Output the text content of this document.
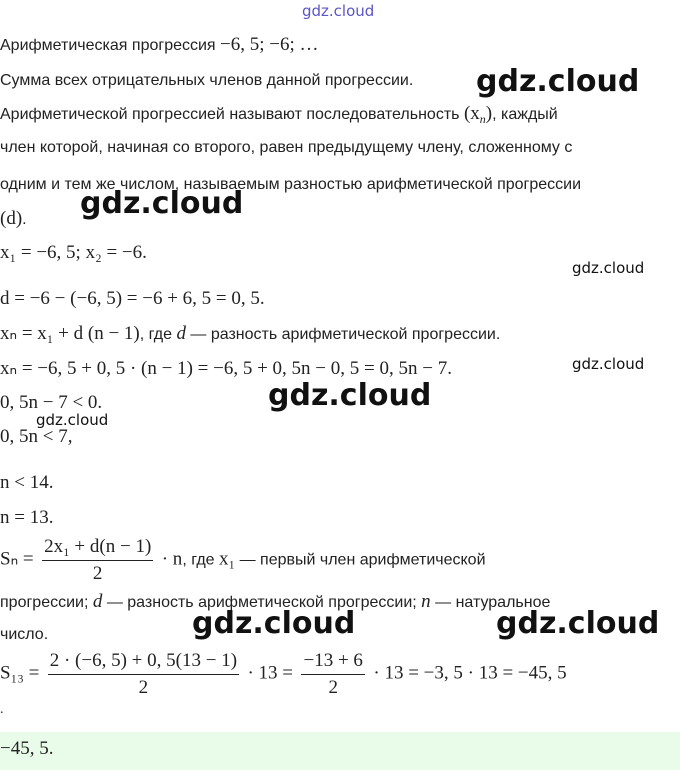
gdz.cloud
Арифметическая прогрессия −6, 5; −6; …
Сумма всех отрицательных членов данной прогрессии.
Арифметической прогрессией называют последовательность $(x_n)$, каждый
член которой, начиная со второго, равен предыдущему члену, сложенному с
одним и тем же числом, называемым разностью арифметической прогрессии
(d).
x₁ = −6, 5; x₂ = −6.
d = −6 − (−6, 5) = −6 + 6, 5 = 0, 5.
xₙ = x₁ + d (n − 1), где d — разность арифметической прогрессии.
xₙ = −6, 5 + 0, 5 · (n − 1) = −6, 5 + 0, 5n − 0, 5 = 0, 5n − 7.
0, 5n − 7 < 0.
0, 5n < 7,
n < 14.
n = 13.
$S_n = \frac{\text{2x₁ + d(n − 1)}}{2} \cdot n$, где x₁ — первый член арифметической
прогрессии; d — разность арифметической прогрессии; n — натуральное
число.
$S_{13} = \frac{2 \cdot (-6, 5) + 0, 5(13 - 1)}{2} \cdot 13 = \frac{-13 + 6}{2} \cdot 13 = -3$, 5 · 13 = −45, 5
.
−45, 5.
gdz.cloud
gdz.cloud
gdz.cloud
gdz.cloud
gdz.cloud
gdz.cloud
gdz.cloud	gdz.cloud
